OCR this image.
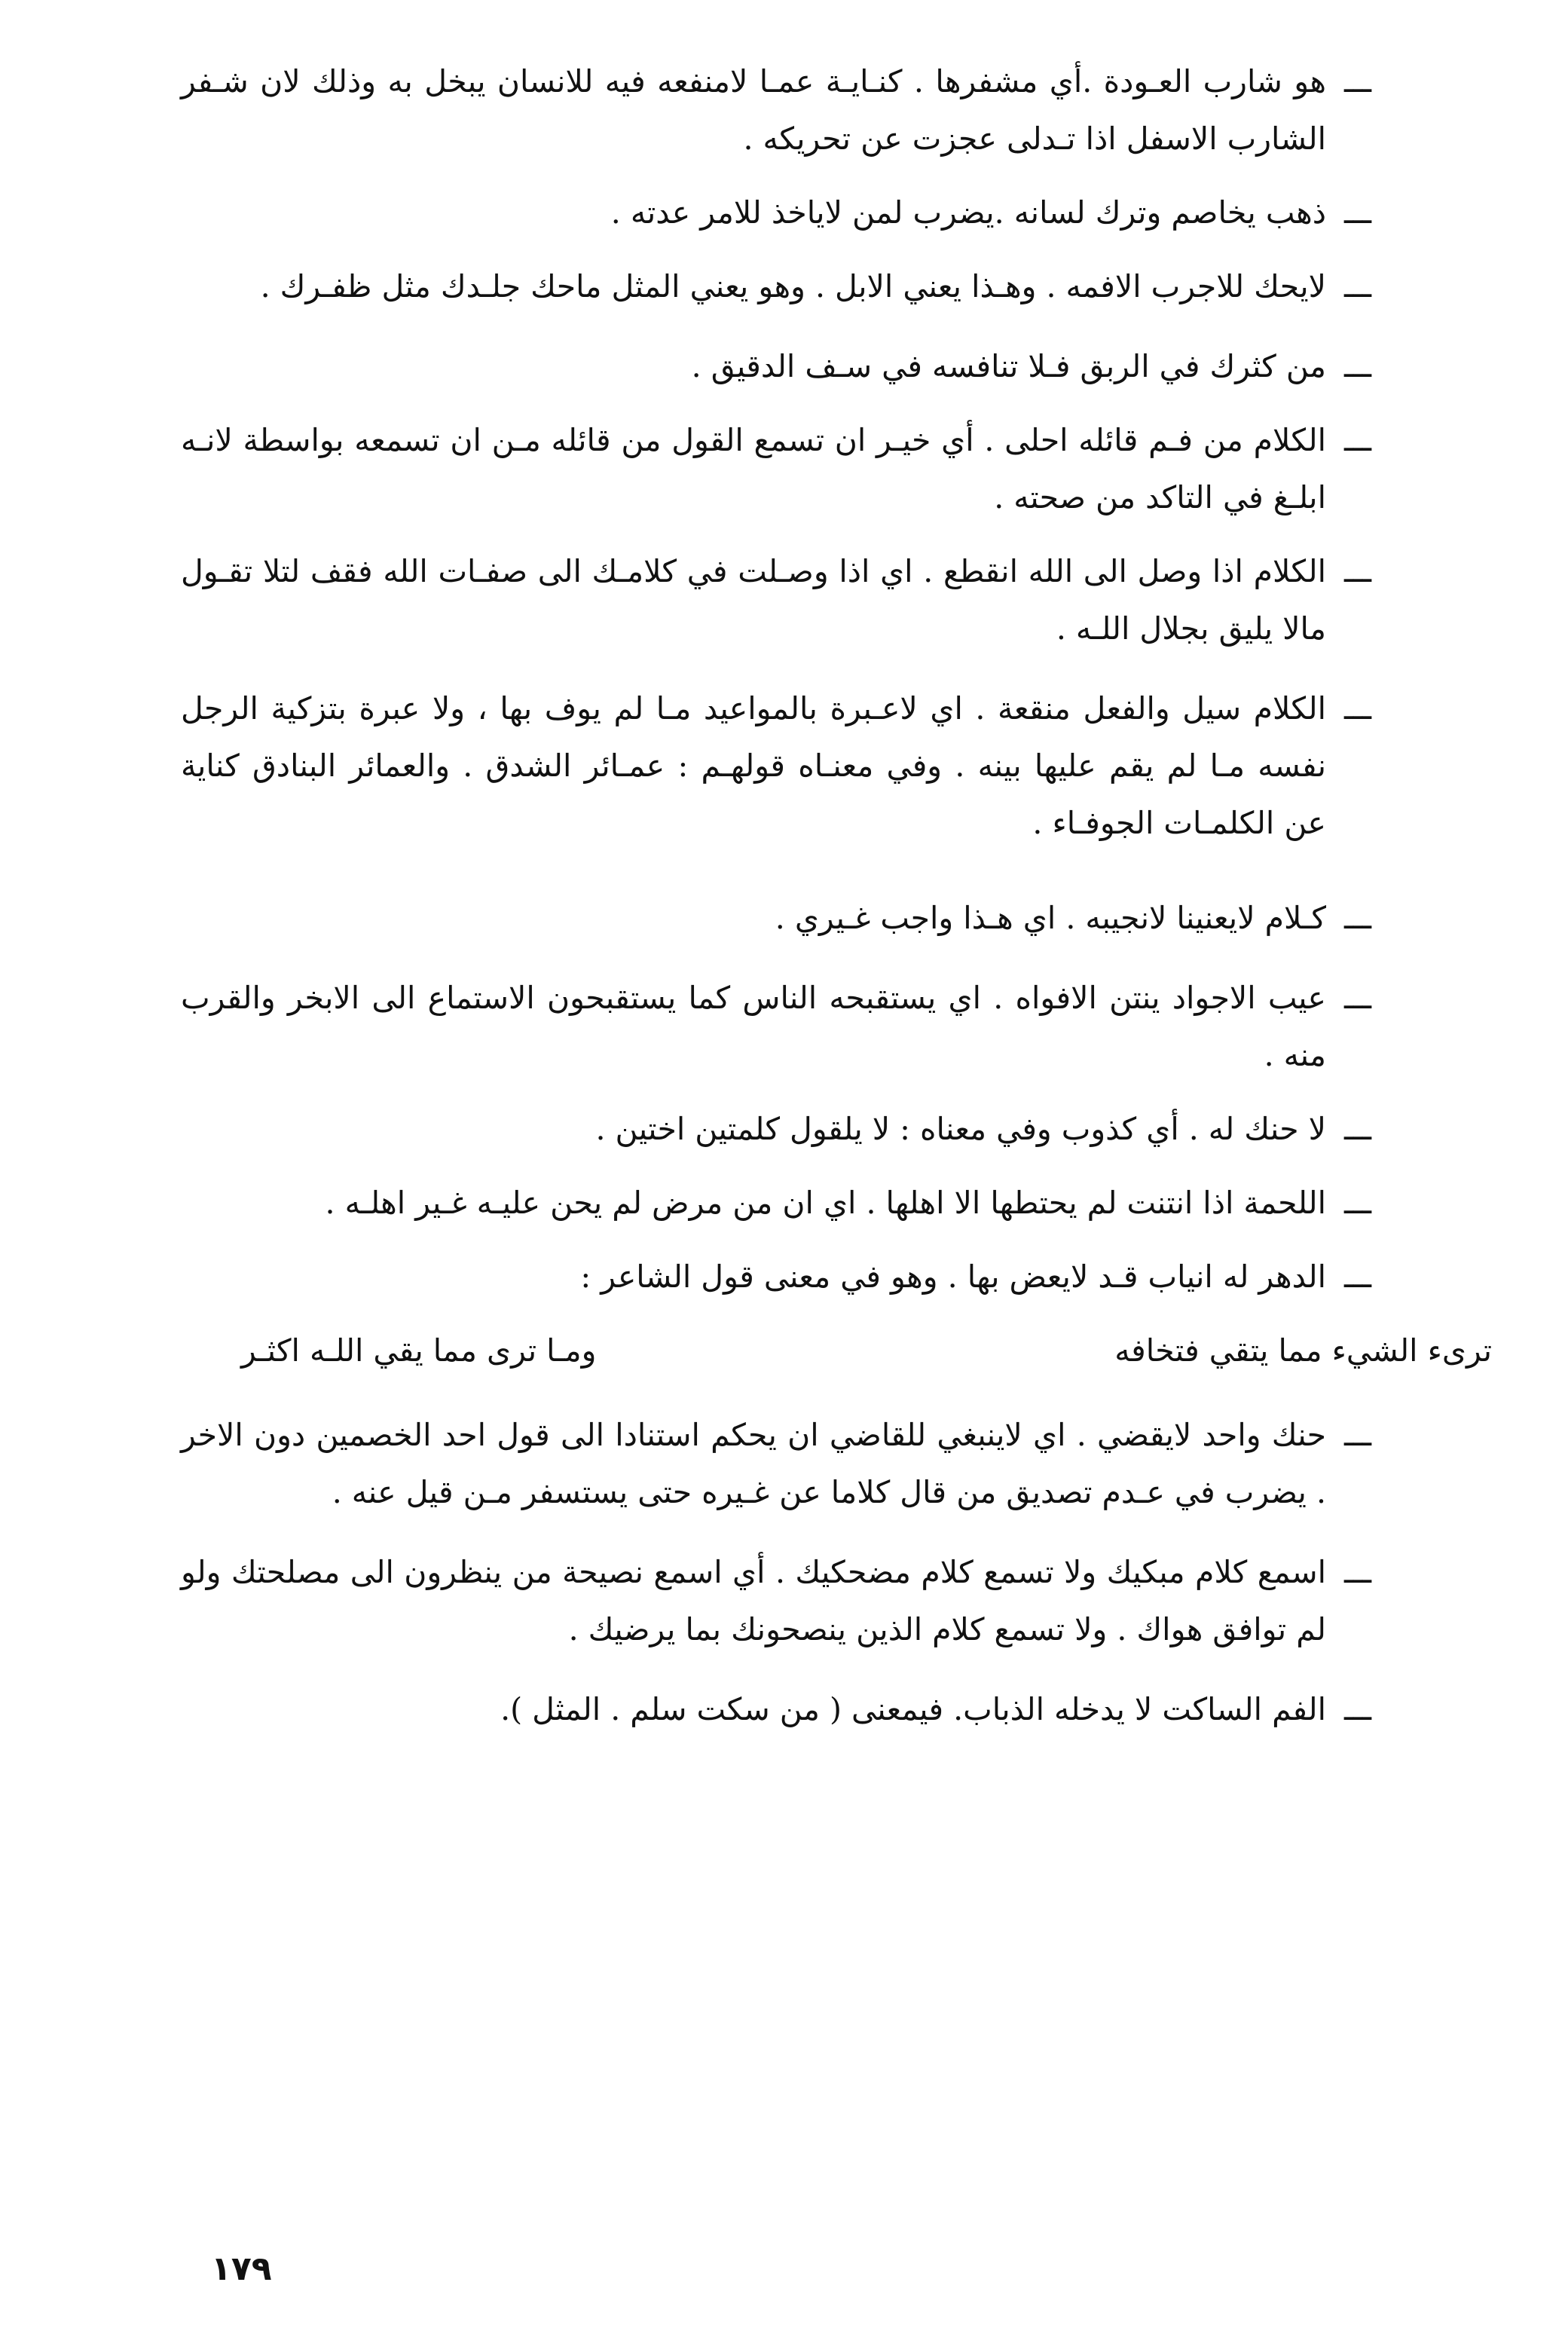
ـــ
هو شارب العـودة .أي مشفرها . كنـايـة عمـا لامنفعه فيه للانسان يبخل به وذلك لان شـفر الشارب الاسفل اذا تـدلى عجزت عن تحريكه .
ـــ
ذهب يخاصم وترك لسانه .يضرب لمن لاياخذ للامر عدته .
ـــ
لايحك للاجرب الافمه . وهـذا يعني الابل . وهو يعني المثل ماحك جلـدك مثل ظفـرك .
ـــ
من كثرك في الربق فـلا تنافسه في سـف الدقيق .
ـــ
الكلام من فـم قائله احلى . أي خيـر ان تسمع القول من قائله مـن ان تسمعه بواسطة لانـه ابلـغ في التاكد من صحته .
ـــ
الكلام اذا وصل الى الله انقطع . اي اذا وصـلت في كلامـك الى صفـات الله فقف لتلا تقـول مالا يليق بجلال اللـه .
ـــ
الكلام سيل والفعل منقعة . اي لاعـبرة بالمواعيد مـا لم يوف بها ، ولا عبرة بتزكية الرجل نفسه مـا لم يقم عليها بينه . وفي معنـاه قولهـم : عمـائر الشدق . والعمائر البنادق كناية عن الكلمـات الجوفـاء .
ـــ
كـلام لايعنينا لانجيبه . اي هـذا واجب غـيري .
ـــ
عيب الاجواد ينتن الافواه . اي يستقبحه الناس كما يستقبحون الاستماع الى الابخر والقرب منه .
ـــ
لا حنك له . أي كذوب وفي معناه : لا يلقول كلمتين اختين .
ـــ
اللحمة اذا انتنت لم يحتطها الا اهلها . اي ان من مرض لم يحن عليـه غـير اهلـه .
ـــ
الدهر له انياب قـد لايعض بها . وهو في معنى قول الشاعر :
ترىء الشيء مما يتقي فتخافه
ومـا ترى مما يقي اللـه اكثـر
ـــ
حنك واحد لايقضي . اي لاينبغي للقاضي ان يحكم استنادا الى قول احد الخصمين دون الاخر . يضرب في عـدم تصديق من قال كلاما عن غـيره حتى يستسفر مـن قيل عنه .
ـــ
اسمع كلام مبكيك ولا تسمع كلام مضحكيك . أي اسمع نصيحة من ينظرون الى مصلحتك ولو لم توافق هواك . ولا تسمع كلام الذين ينصحونك بما يرضيك .
ـــ
الفم الساكت لا يدخله الذباب. فيمعنى ( من سكت سلم . المثل ).
١٧٩
